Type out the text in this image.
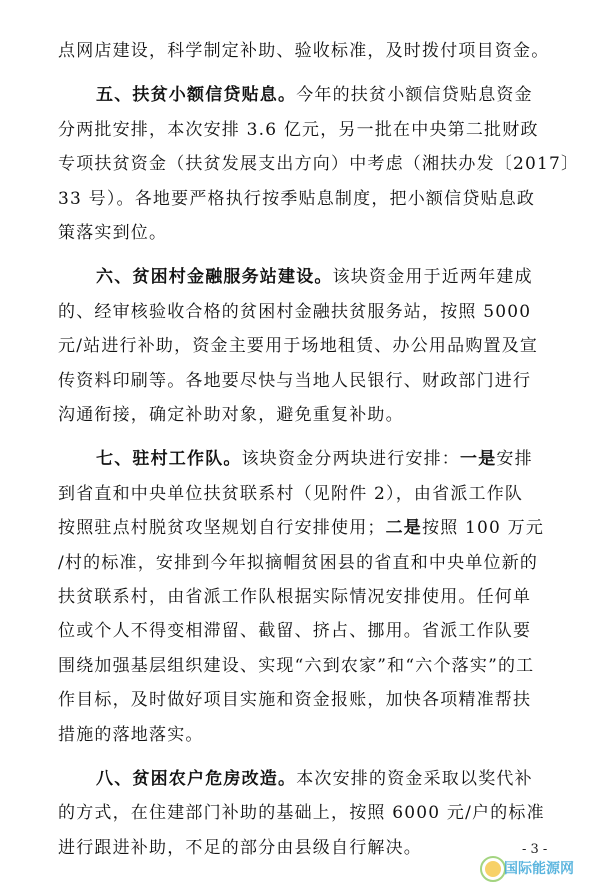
点网店建设，科学制定补助、验收标准，及时拨付项目资金。
五、扶贫小额信贷贴息。今年的扶贫小额信贷贴息资金
分两批安排，本次安排 3.6 亿元，另一批在中央第二批财政
专项扶贫资金（扶贫发展支出方向）中考虑（湘扶办发〔2017〕
33 号）。各地要严格执行按季贴息制度，把小额信贷贴息政
策落实到位。
六、贫困村金融服务站建设。该块资金用于近两年建成
的、经审核验收合格的贫困村金融扶贫服务站，按照 5000
元/站进行补助，资金主要用于场地租赁、办公用品购置及宣
传资料印刷等。各地要尽快与当地人民银行、财政部门进行
沟通衔接，确定补助对象，避免重复补助。
七、驻村工作队。该块资金分两块进行安排：一是安排
到省直和中央单位扶贫联系村（见附件 2），由省派工作队
按照驻点村脱贫攻坚规划自行安排使用；二是按照 100 万元
/村的标准，安排到今年拟摘帽贫困县的省直和中央单位新的
扶贫联系村，由省派工作队根据实际情况安排使用。任何单
位或个人不得变相滞留、截留、挤占、挪用。省派工作队要
围绕加强基层组织建设、实现“六到农家”和“六个落实”的工
作目标，及时做好项目实施和资金报账，加快各项精准帮扶
措施的落地落实。
八、贫困农户危房改造。本次安排的资金采取以奖代补
的方式，在住建部门补助的基础上，按照 6000 元/户的标准
进行跟进补助，不足的部分由县级自行解决。	- 3 -
国际能源网
